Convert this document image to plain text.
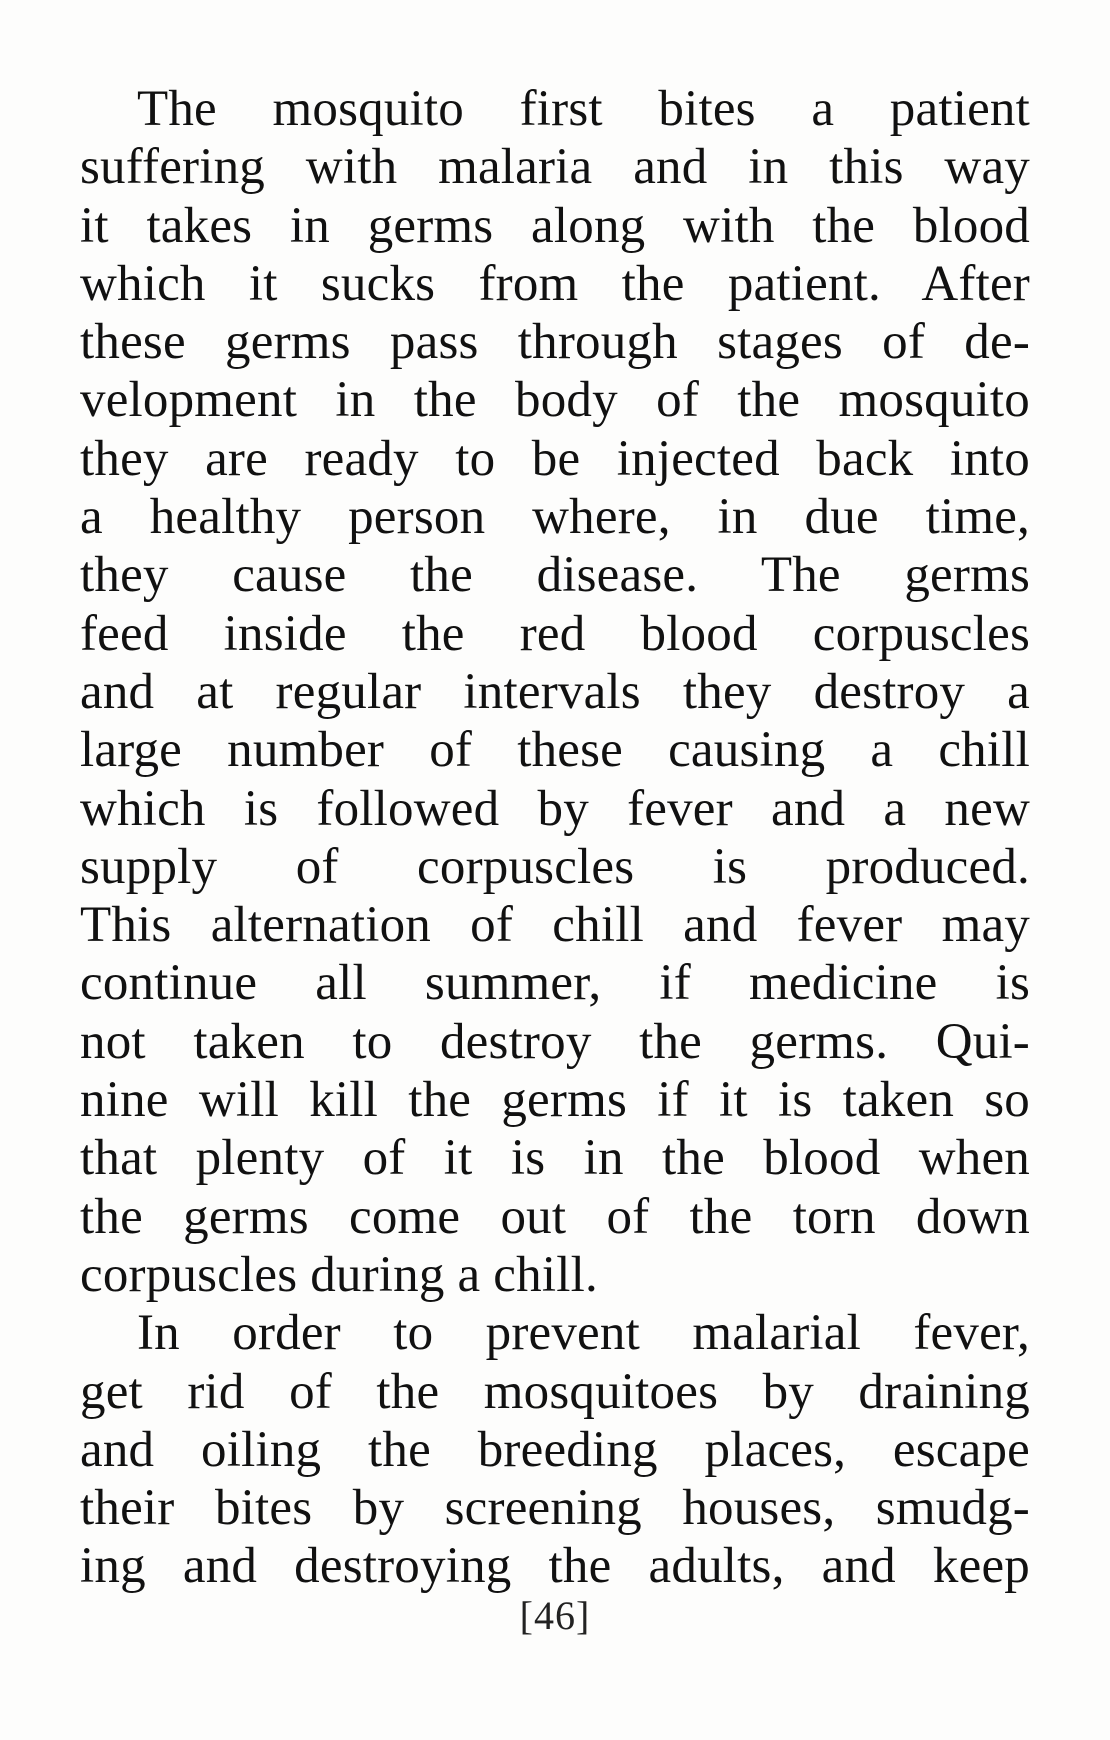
The mosquito first bites a patient
suffering with malaria and in this way
it takes in germs along with the blood
which it sucks from the patient. After
these germs pass through stages of de-
velopment in the body of the mosquito
they are ready to be injected back into
a healthy person where, in due time,
they cause the disease. The germs
feed inside the red blood corpuscles
and at regular intervals they destroy a
large number of these causing a chill
which is followed by fever and a new
supply of corpuscles is produced.
This alternation of chill and fever may
continue all summer, if medicine is
not taken to destroy the germs. Qui-
nine will kill the germs if it is taken so
that plenty of it is in the blood when
the germs come out of the torn down
corpuscles during a chill.
In order to prevent malarial fever,
get rid of the mosquitoes by draining
and oiling the breeding places, escape
their bites by screening houses, smudg-
ing and destroying the adults, and keep
[46]
